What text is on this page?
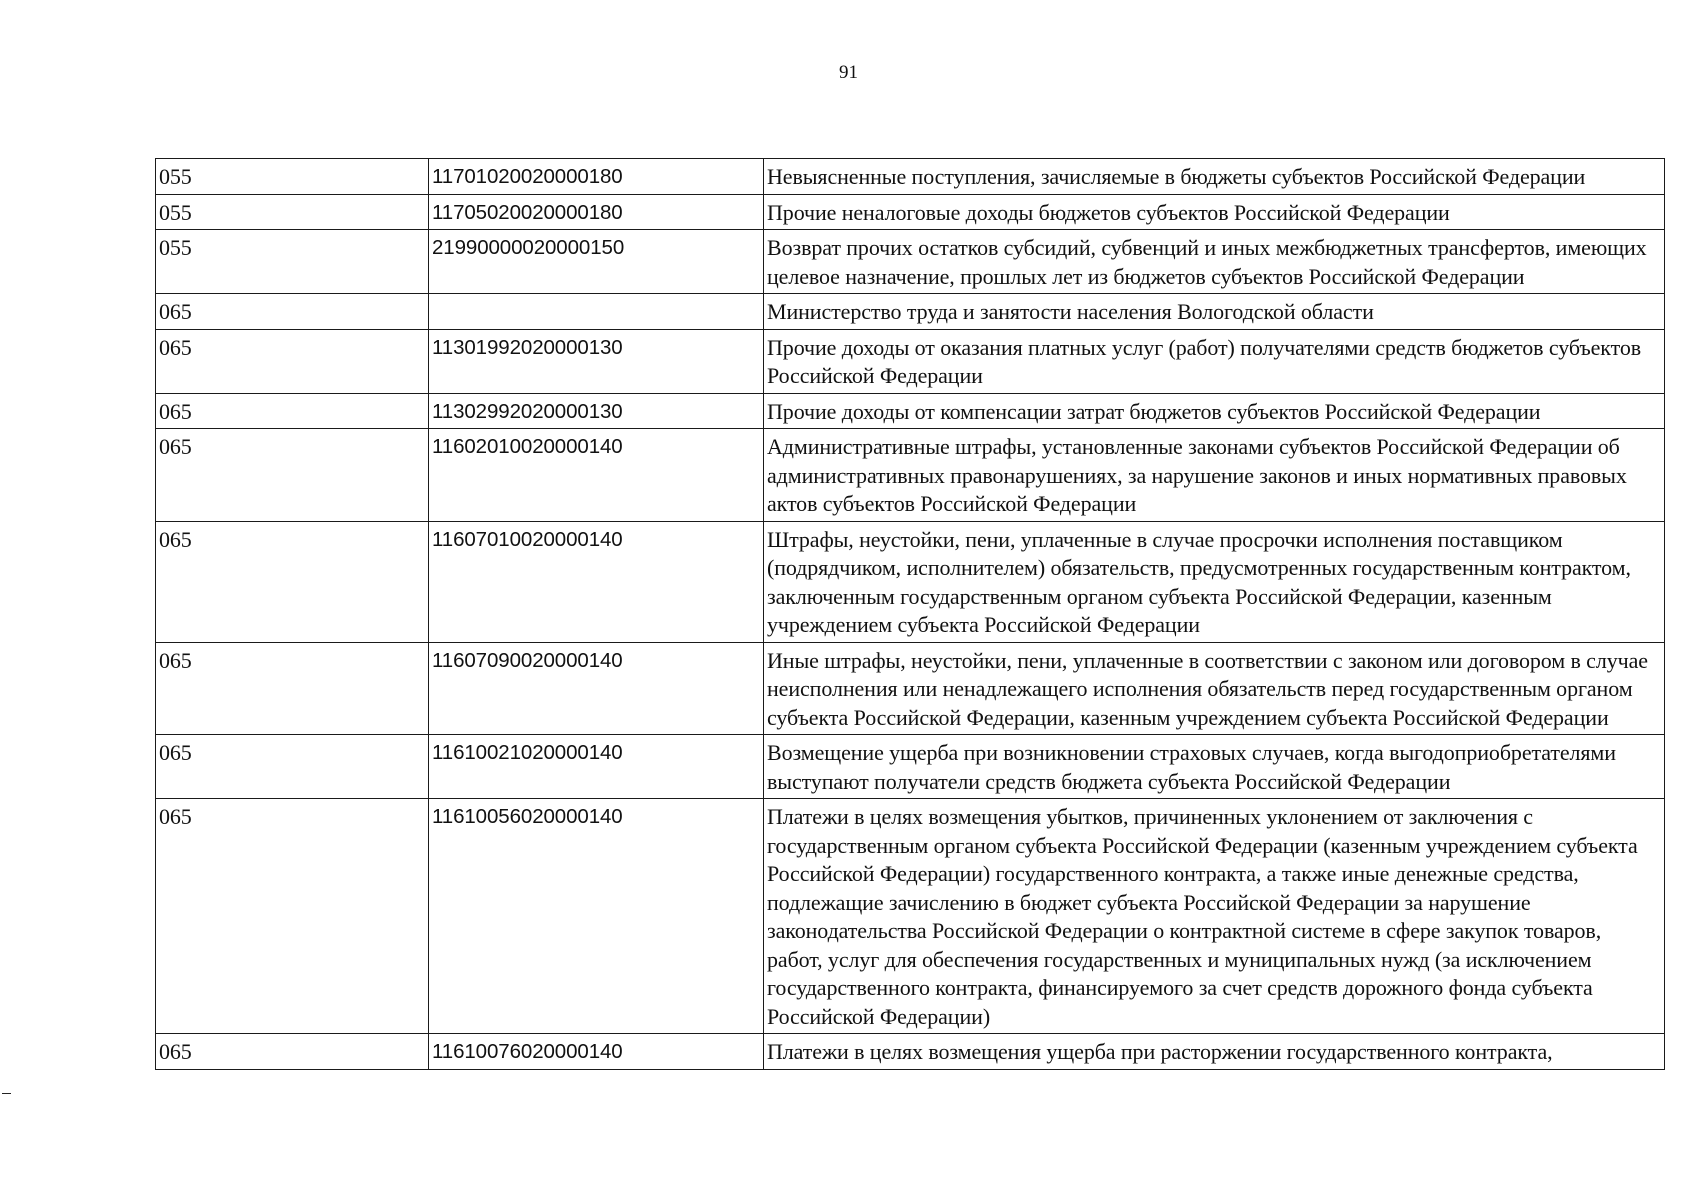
91
055	11701020020000180	Невыясненные поступления, зачисляемые в бюджеты субъектов Российской Федерации
055	11705020020000180	Прочие неналоговые доходы бюджетов субъектов Российской Федерации
055	21990000020000150	Возврат прочих остатков субсидий, субвенций и иных межбюджетных трансфертов, имеющих целевое назначение, прошлых лет из бюджетов субъектов Российской Федерации
065		Министерство труда и занятости населения Вологодской области
065	11301992020000130	Прочие доходы от оказания платных услуг (работ) получателями средств бюджетов субъектов Российской Федерации
065	11302992020000130	Прочие доходы от компенсации затрат бюджетов субъектов Российской Федерации
065	11602010020000140	Административные штрафы, установленные законами субъектов Российской Федерации об административных правонарушениях, за нарушение законов и иных нормативных правовых актов субъектов Российской Федерации
065	11607010020000140	Штрафы, неустойки, пени, уплаченные в случае просрочки исполнения поставщиком (подрядчиком, исполнителем) обязательств, предусмотренных государственным контрактом, заключенным государственным органом субъекта Российской Федерации, казенным учреждением субъекта Российской Федерации
065	11607090020000140	Иные штрафы, неустойки, пени, уплаченные в соответствии с законом или договором в случае неисполнения или ненадлежащего исполнения обязательств перед государственным органом субъекта Российской Федерации, казенным учреждением субъекта Российской Федерации
065	11610021020000140	Возмещение ущерба при возникновении страховых случаев, когда выгодоприобретателями выступают получатели средств бюджета субъекта Российской Федерации
065	11610056020000140	Платежи в целях возмещения убытков, причиненных уклонением от заключения с государственным органом субъекта Российской Федерации (казенным учреждением субъекта Российской Федерации) государственного контракта, а также иные денежные средства, подлежащие зачислению в бюджет субъекта Российской Федерации за нарушение законодательства Российской Федерации о контрактной системе в сфере закупок товаров, работ, услуг для обеспечения государственных и муниципальных нужд (за исключением государственного контракта, финансируемого за счет средств дорожного фонда субъекта Российской Федерации)
065	11610076020000140	Платежи в целях возмещения ущерба при расторжении государственного контракта,
